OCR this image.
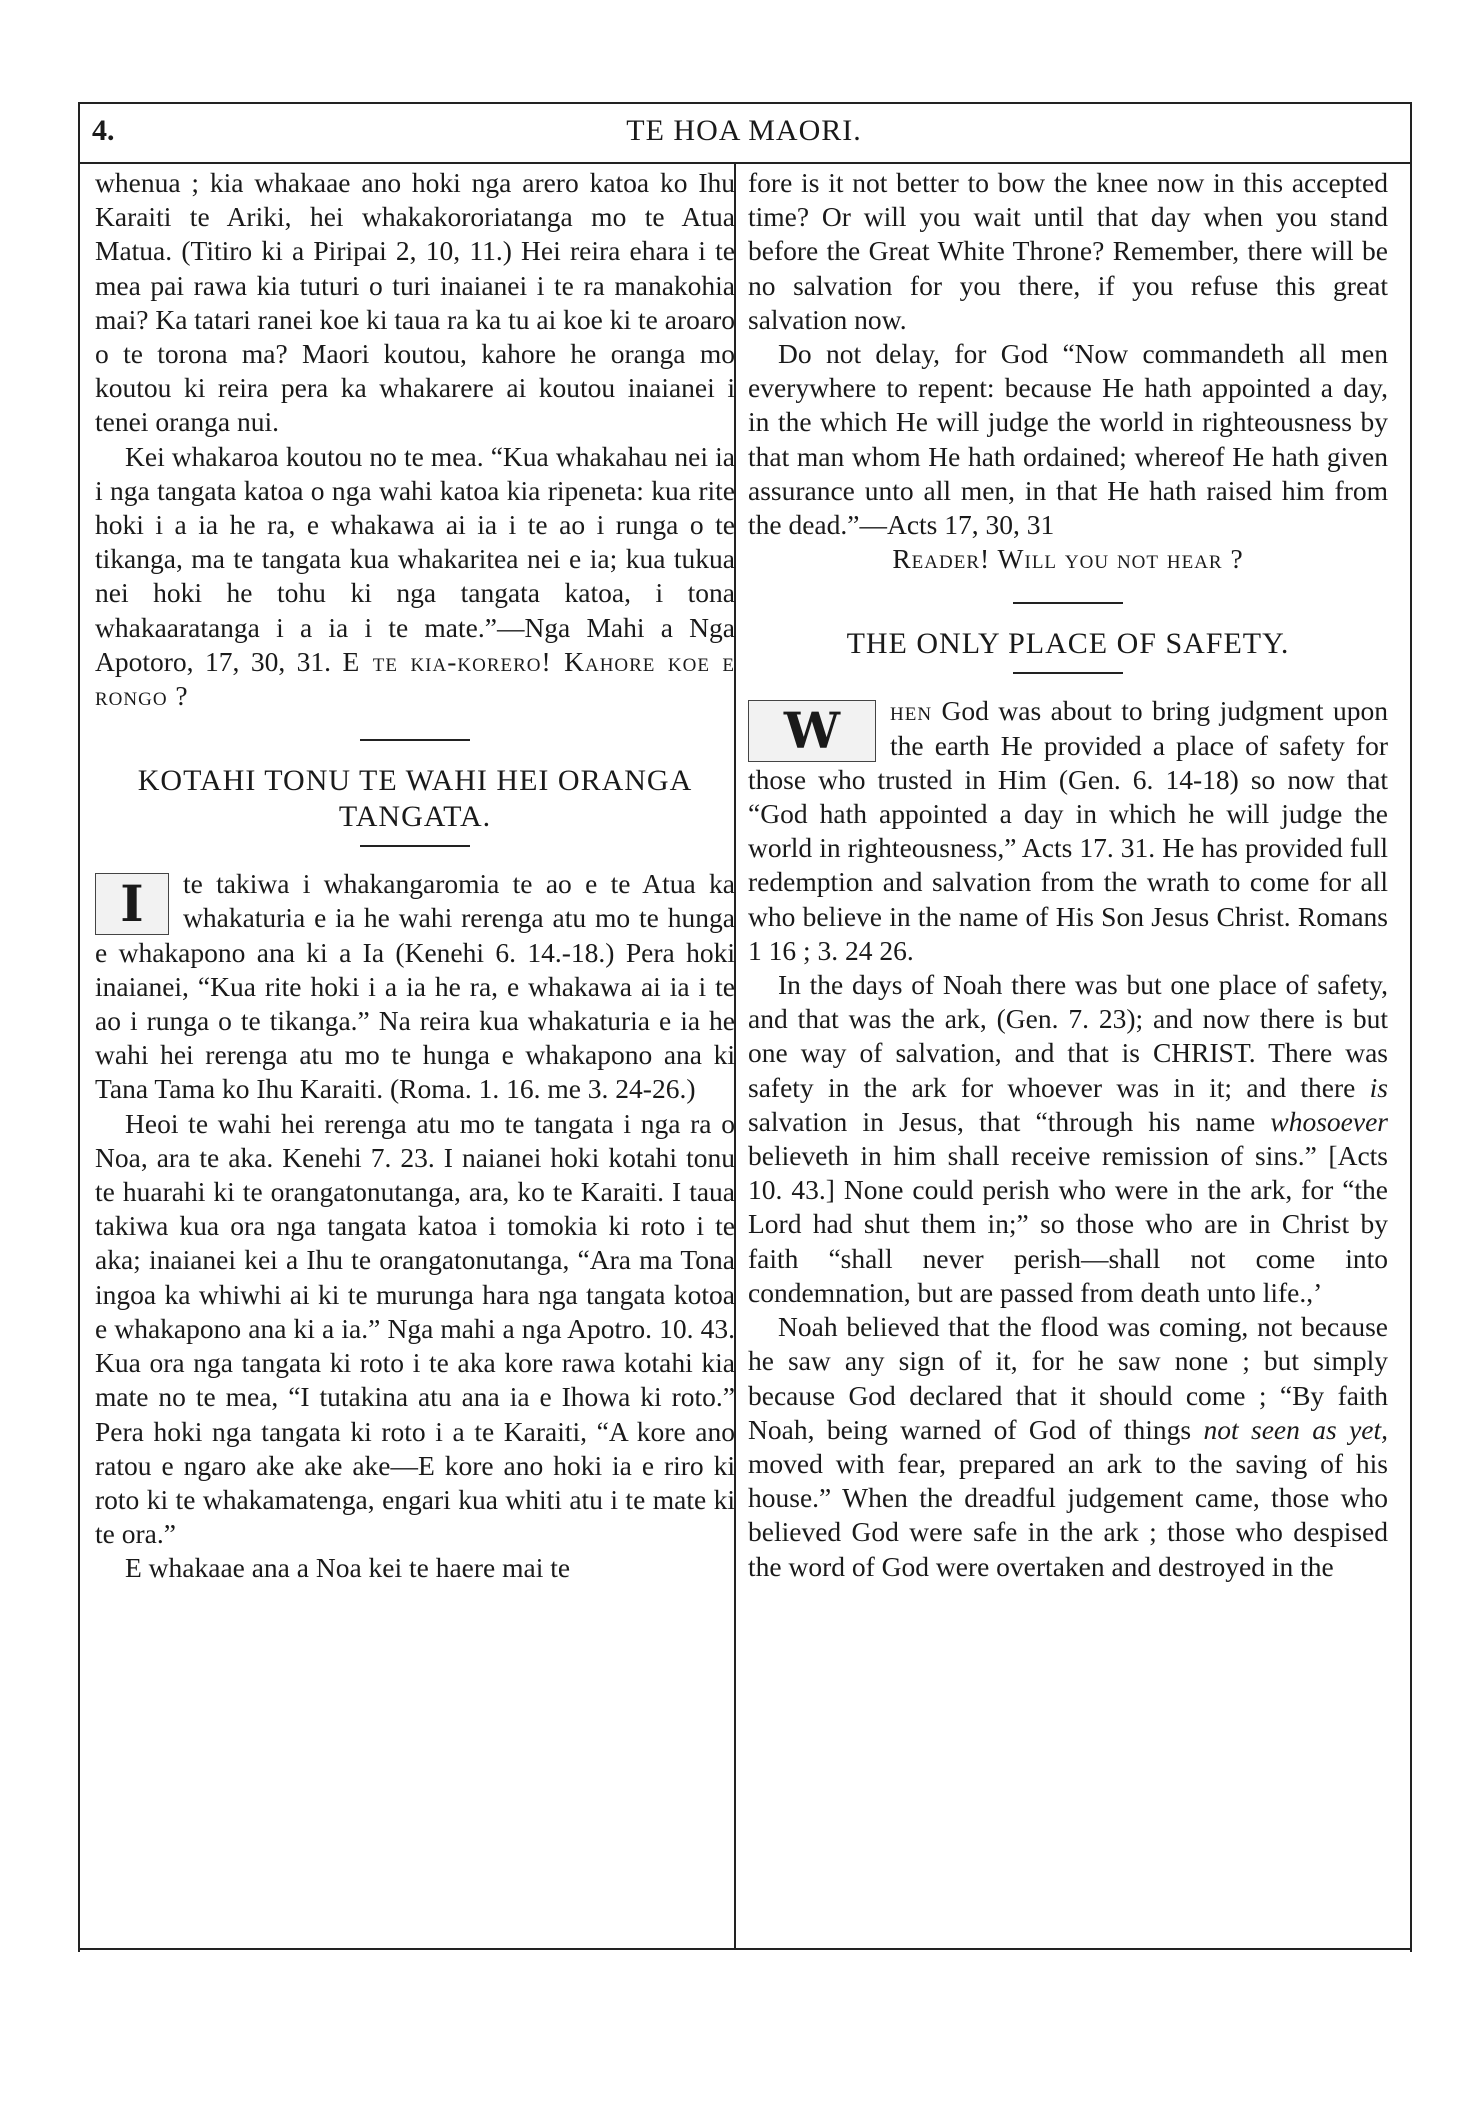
4.	TE HOA MAORI.

whenua ; kia whakaae ano hoki nga arero katoa ko Ihu Karaiti te Ariki, hei whakakororiatanga mo te Atua Matua. (Titiro ki a Piripai 2, 10, 11.) Hei reira ehara i te mea pai rawa kia tuturi o turi inaianei i te ra manakohia mai? Ka tatari ranei koe ki taua ra ka tu ai koe ki te aroaro o te torona ma? Maori koutou, kahore he oranga mo koutou ki reira pera ka whakarere ai koutou inaianei i tenei oranga nui.

Kei whakaroa koutou no te mea. “Kua whakahau nei ia i nga tangata katoa o nga wahi katoa kia ripeneta: kua rite hoki i a ia he ra, e whakawa ai ia i te ao i runga o te tikanga, ma te tangata kua whakaritea nei e ia; kua tukua nei hoki he tohu ki nga tangata katoa, i tona whakaaratanga i a ia i te mate.”—Nga Mahi a Nga Apotoro, 17, 30, 31. E te kia-korero! Kahore koe e rongo ?

KOTAHI TONU TE WAHI HEI ORANGA TANGATA.

I	te takiwa i whakangaromia te ao e te Atua ka whakaturia e ia he wahi rerenga atu mo te hunga e whakapono ana ki a Ia (Kenehi 6. 14.-18.) Pera hoki inaianei, “Kua rite hoki i a ia he ra, e whakawa ai ia i te ao i runga o te tikanga.” Na reira kua whakaturia e ia he wahi hei rerenga atu mo te hunga e whakapono ana ki Tana Tama ko Ihu Karaiti. (Roma. 1. 16. me 3. 24-26.)

Heoi te wahi hei rerenga atu mo te tangata i nga ra o Noa, ara te aka. Kenehi 7. 23. I naianei hoki kotahi tonu te huarahi ki te orangatonutanga, ara, ko te Karaiti. I taua takiwa kua ora nga tangata katoa i tomokia ki roto i te aka; inaianei kei a Ihu te orangatonutanga, “Ara ma Tona ingoa ka whiwhi ai ki te murunga hara nga tangata kotoa e whakapono ana ki a ia.” Nga mahi a nga Apotro. 10. 43. Kua ora nga tangata ki roto i te aka kore rawa kotahi kia mate no te mea, “I tutakina atu ana ia e Ihowa ki roto.” Pera hoki nga tangata ki roto i a te Karaiti, “A kore ano ratou e ngaro ake ake ake—E kore ano hoki ia e riro ki roto ki te whakamatenga, engari kua whiti atu i te mate ki te ora.”

E whakaae ana a Noa kei te haere mai te

fore is it not better to bow the knee now in this accepted time? Or will you wait until that day when you stand before the Great White Throne? Remember, there will be no salvation for you there, if you refuse this great salvation now.

Do not delay, for God “Now commandeth all men everywhere to repent: because He hath appointed a day, in the which He will judge the world in righteousness by that man whom He hath ordained; whereof He hath given assurance unto all men, in that He hath raised him from the dead.”—Acts 17, 30, 31

Reader! Will you not hear ?

THE ONLY PLACE OF SAFETY.

W	hen God was about to bring judgment upon the earth He provided a place of safety for those who trusted in Him (Gen. 6. 14-18) so now that “God hath appointed a day in which he will judge the world in righteousness,” Acts 17. 31. He has provided full redemption and salvation from the wrath to come for all who believe in the name of His Son Jesus Christ. Romans 1 16 ; 3. 24 26.

In the days of Noah there was but one place of safety, and that was the ark, (Gen. 7. 23); and now there is but one way of salvation, and that is CHRIST. There was safety in the ark for whoever was in it; and there is salvation in Jesus, that “through his name whosoever believeth in him shall receive remission of sins.” [Acts 10. 43.] None could perish who were in the ark, for “the Lord had shut them in;” so those who are in Christ by faith “shall never perish—shall not come into condemnation, but are passed from death unto life.,’

Noah believed that the flood was coming, not because he saw any sign of it, for he saw none ; but simply because God declared that it should come ; “By faith Noah, being warned of God of things not seen as yet, moved with fear, prepared an ark to the saving of his house.” When the dreadful judgement came, those who believed God were safe in the ark ; those who despised the word of God were overtaken and destroyed in the
